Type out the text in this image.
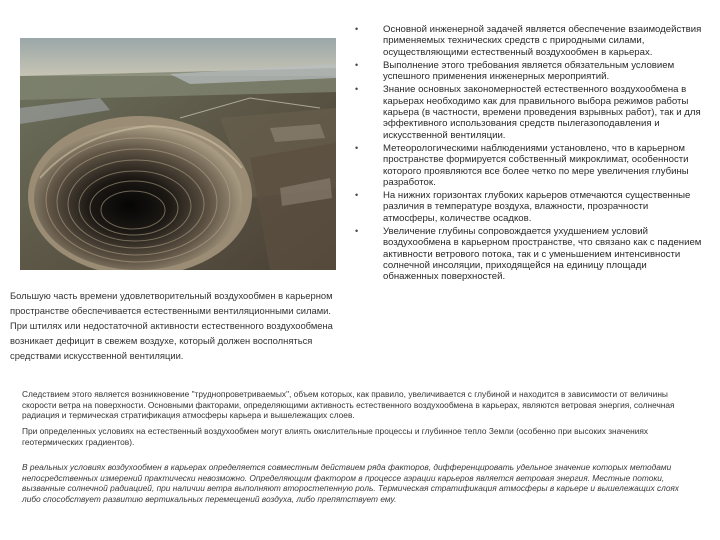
Большую часть времени удовлетворительный воздухообмен в карьерном пространстве обеспечивается естественными вентиляционными силами. При штилях или недостаточной активности естественного воздухообмена возникает дефицит в свежем воздухе, который должен восполняться средствами искусственной вентиляции.
• Основной инженерной задачей является обеспечение взаимодействия применяемых технических средств с природными силами, осуществляющими естественный воздухообмен в карьерах.
• Выполнение этого требования является обязательным условием успешного применения инженерных мероприятий.
• Знание основных закономерностей естественного воздухообмена в карьерах необходимо как для правильного выбора режимов работы карьера (в частности, времени проведения взрывных работ), так и для эффективного использования средств пылегазоподавления и искусственной вентиляции.
• Метеорологическими наблюдениями установлено, что в карьерном пространстве формируется собственный микроклимат, особенности которого проявляются все более четко по мере увеличения глубины разработок.
• На нижних горизонтах глубоких карьеров отмечаются существенные различия в температуре воздуха, влажности, прозрачности атмосферы, количестве осадков.
• Увеличение глубины сопровождается ухудшением условий воздухообмена в карьерном пространстве, что связано как с падением активности ветрового потока, так и с уменьшением интенсивности солнечной инсоляции, приходящейся на единицу площади обнаженных поверхностей.
Следствием этого является возникновение "труднопроветриваемых", объем которых, как правило, увеличивается с глубиной и находится в зависимости от величины скорости ветра на поверхности. Основными факторами, определяющими активность естественного воздухообмена в карьерах, являются ветровая энергия, солнечная радиация и термическая стратификация атмосферы карьера и вышележащих слоев.
При определенных условиях на естественный воздухообмен могут влиять окислительные процессы и глубинное тепло Земли (особенно при высоких значениях геотермических градиентов).
В реальных условиях воздухообмен в карьерах определяется совместным действием ряда факторов, дифференцировать удельное значение которых методами непосредственных измерений практически невозможно. Определяющим фактором в процессе аэрации карьеров является ветровая энергия. Местные потоки, вызванные солнечной радиацией, при наличии ветра выполняют второстепенную роль. Термическая стратификация атмосферы в карьере и вышележащих слоях либо способствует развитию вертикальных перемещений воздуха, либо препятствует ему.
